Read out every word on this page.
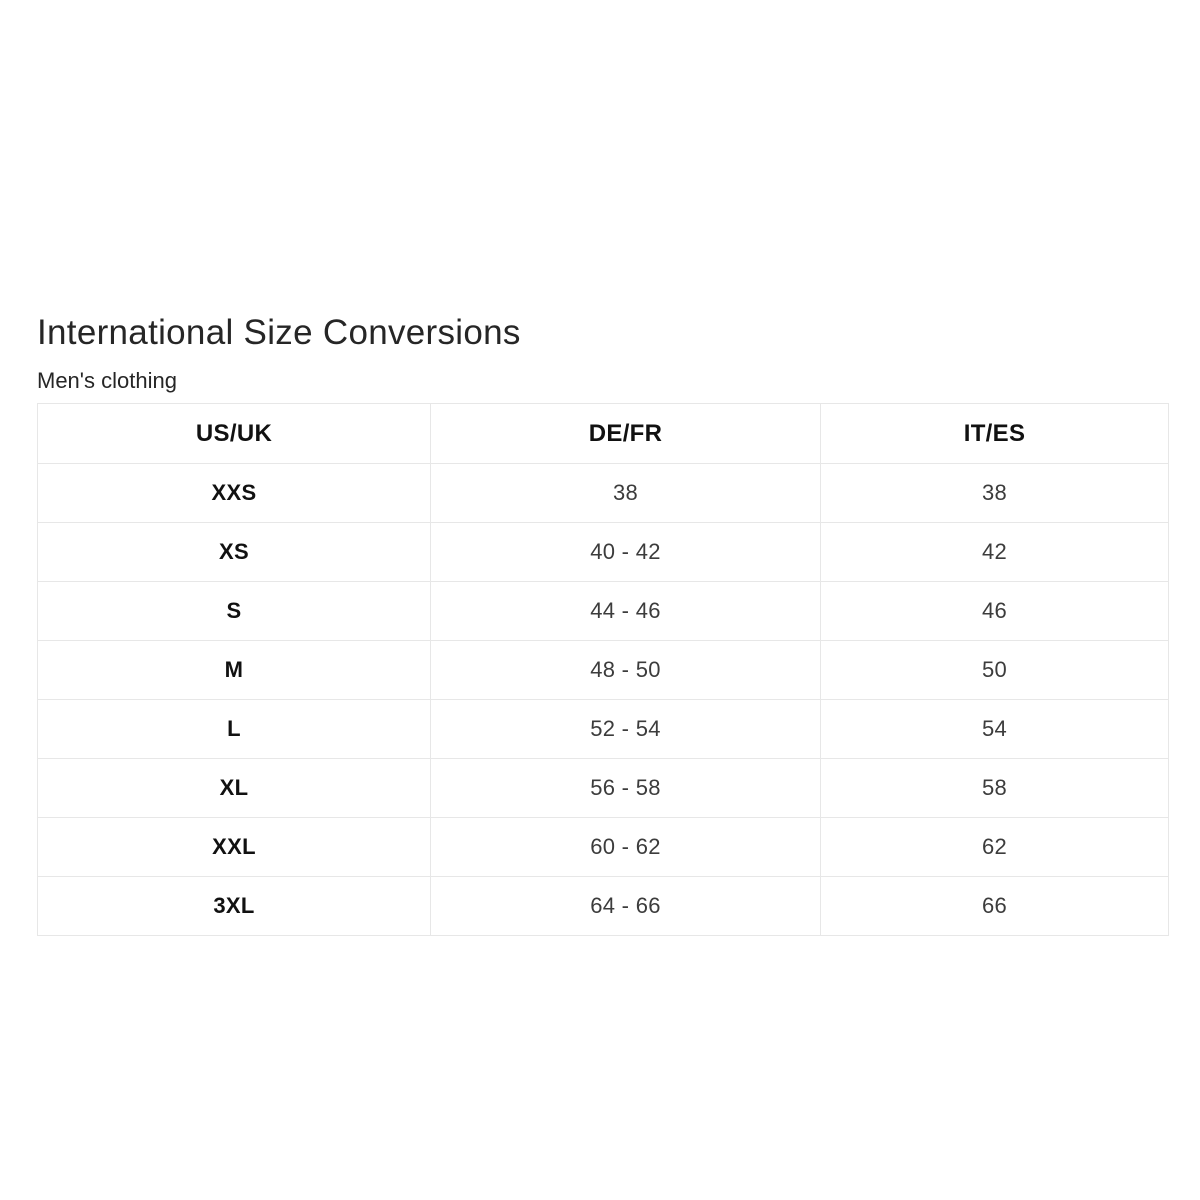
International Size Conversions
Men's clothing
US/UK	DE/FR	IT/ES
XXS	38	38
XS	40 - 42	42
S	44 - 46	46
M	48 - 50	50
L	52 - 54	54
XL	56 - 58	58
XXL	60 - 62	62
3XL	64 - 66	66
